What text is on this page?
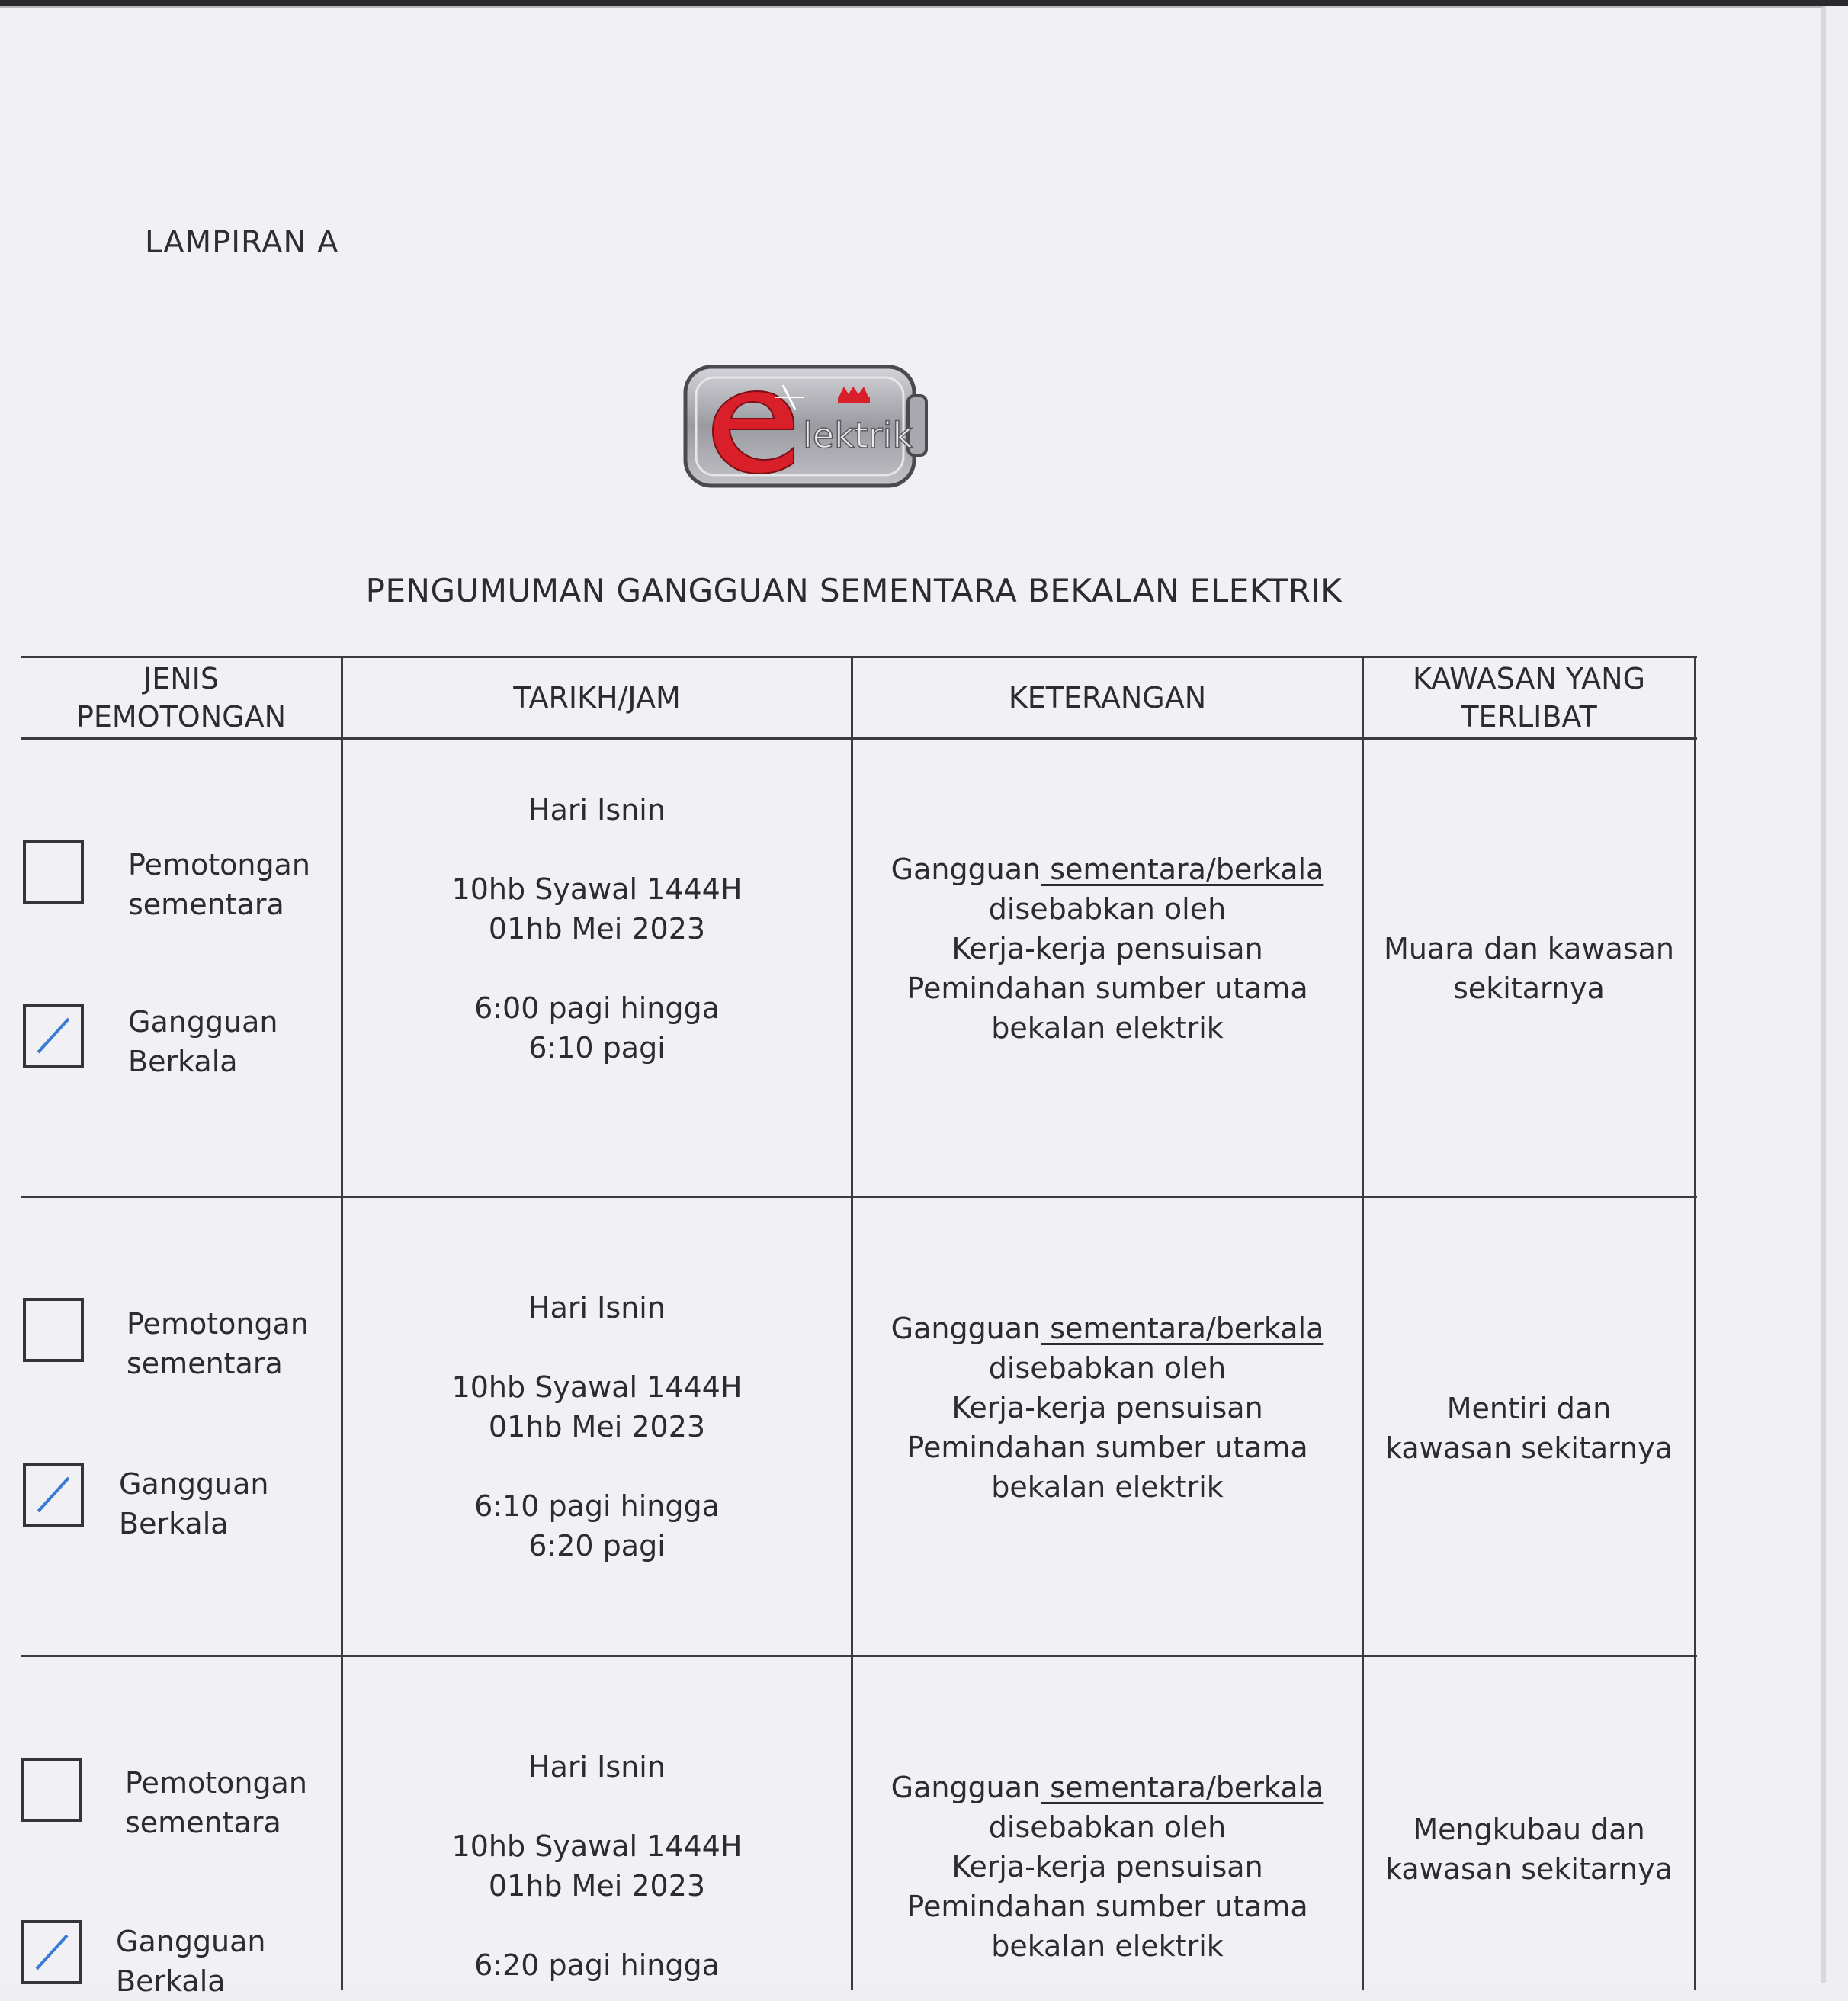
LAMPIRAN A
lektrik
PENGUMUMAN GANGGUAN SEMENTARA BEKALAN ELEKTRIK
JENIS
PEMOTONGAN
TARIKH/JAM	KETERANGAN
KAWASAN YANG
TERLIBAT
Pemotongan
sementara
Gangguan
Berkala
Hari Isnin
10hb Syawal 1444H
01hb Mei 2023
6:00 pagi hingga
6:10 pagi
Gangguan sementara/berkala
disebabkan oleh
Kerja-kerja pensuisan
Pemindahan sumber utama
bekalan elektrik
Muara dan kawasan
sekitarnya
Pemotongan
sementara
Gangguan
Berkala
Hari Isnin
10hb Syawal 1444H
01hb Mei 2023
6:10 pagi hingga
6:20 pagi
Gangguan sementara/berkala
disebabkan oleh
Kerja-kerja pensuisan
Pemindahan sumber utama
bekalan elektrik
Mentiri dan
kawasan sekitarnya
Pemotongan
sementara
Gangguan
Berkala
Hari Isnin
10hb Syawal 1444H
01hb Mei 2023
6:20 pagi hingga
Gangguan sementara/berkala
disebabkan oleh
Kerja-kerja pensuisan
Pemindahan sumber utama
bekalan elektrik
Mengkubau dan
kawasan sekitarnya
